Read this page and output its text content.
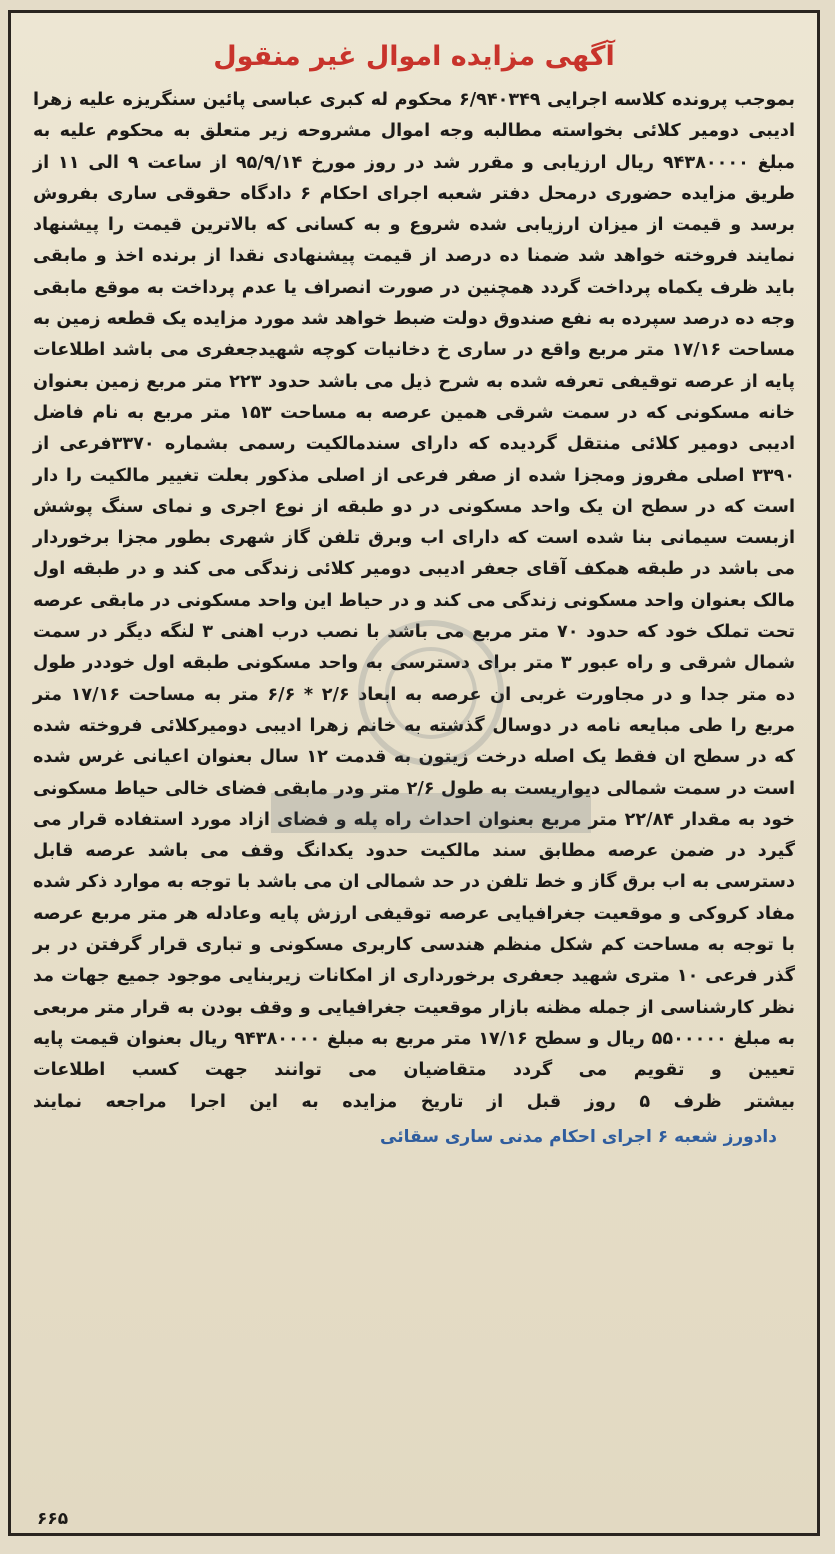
آگهی مزایده اموال غیر منقول

بموجب پرونده کلاسه اجرایی ۶/۹۴۰۳۴۹ محکوم له کبری عباسی پائین سنگریزه علیه زهرا ادیبی دومیر کلائی بخواسته مطالبه وجه اموال مشروحه زیر متعلق به محکوم علیه به مبلغ ۹۴۳۸۰۰۰۰ ریال ارزیابی و مقرر شد در روز مورخ ۹۵/۹/۱۴ از ساعت ۹ الی ۱۱ از طریق مزایده حضوری درمحل دفتر شعبه اجرای احکام ۶ دادگاه حقوقی ساری بفروش برسد و قیمت از میزان ارزیابی شده شروع و به کسانی که بالاترین قیمت را پیشنهاد نمایند فروخته خواهد شد ضمنا ده درصد از قیمت پیشنهادی نقدا از برنده اخذ و مابقی باید ظرف یکماه پرداخت گردد همچنین در صورت انصراف یا عدم پرداخت به موقع مابقی وجه ده درصد سپرده به نفع صندوق دولت ضبط خواهد شد مورد مزایده یک قطعه زمین به مساحت ۱۷/۱۶ متر مربع واقع در ساری خ دخانیات کوچه شهیدجعفری می باشد اطلاعات پایه از عرصه توقیفی تعرفه شده به شرح ذیل می باشد حدود ۲۲۳ متر مربع زمین بعنوان خانه مسکونی که در سمت شرقی همین عرصه به مساحت ۱۵۳ متر مربع به نام فاضل ادیبی دومیر کلائی منتقل گردیده که دارای سندمالکیت رسمی بشماره ۳۳۷۰فرعی از ۳۳۹۰ اصلی مفروز ومجزا شده از صفر فرعی از اصلی مذکور بعلت تغییر مالکیت را دار است که در سطح ان یک واحد مسکونی در دو طبقه از نوع اجری و نمای سنگ پوشش ازبست سیمانی بنا شده است که دارای اب وبرق تلفن گاز شهری بطور مجزا برخوردار می باشد در طبقه همکف آقای جعفر ادیبی دومیر کلائی زندگی می کند و در طبقه اول مالک بعنوان واحد مسکونی زندگی می کند و در حیاط این واحد مسکونی در مابقی عرصه تحت تملک خود که حدود ۷۰ متر مربع می باشد با نصب درب اهنی ۳ لنگه دیگر در سمت شمال شرقی و راه عبور ۳ متر برای دسترسی به واحد مسکونی طبقه اول خوددر طول ده متر جدا و در مجاورت غربی ان عرصه به ابعاد ۲/۶ * ۶/۶ متر به مساحت ۱۷/۱۶ متر مربع را طی مبایعه نامه در دوسال گذشته به خانم زهرا ادیبی دومیرکلائی فروخته شده که در سطح ان فقط یک اصله درخت زیتون به قدمت ۱۲ سال بعنوان اعیانی غرس شده است در سمت شمالی دیواریست به طول ۲/۶ متر ودر مابقی فضای خالی حیاط مسکونی خود به مقدار ۲۲/۸۴ متر مربع بعنوان احداث راه پله و فضای ازاد مورد استفاده قرار می گیرد در ضمن عرصه مطابق سند مالکیت حدود یکدانگ وقف می باشد عرصه قابل دسترسی به اب برق گاز و خط تلفن در حد شمالی ان می باشد با توجه به موارد ذکر شده مفاد کروکی و موقعیت جغرافیایی عرصه توقیفی ارزش پایه وعادله هر متر مربع عرصه با توجه به مساحت کم شکل منظم هندسی کاربری مسکونی و تباری قرار گرفتن در بر گذر فرعی ۱۰ متری شهید جعفری برخورداری از امکانات زیربنایی موجود جمیع جهات مد نظر کارشناسی از جمله مظنه بازار موقعیت جغرافیایی و وقف بودن به قرار متر مربعی به مبلغ ۵۵۰۰۰۰۰ ریال و سطح ۱۷/۱۶ متر مربع به مبلغ ۹۴۳۸۰۰۰۰ ریال بعنوان قیمت پایه تعیین و تقویم می گردد متقاضیان می توانند جهت کسب اطلاعات
بیشتر ظرف ۵ روز قبل از تاریخ مزایده به این اجرا مراجعه نمایند

دادورز شعبه ۶ اجرای احکام مدنی ساری سقائی
۶۶۵
